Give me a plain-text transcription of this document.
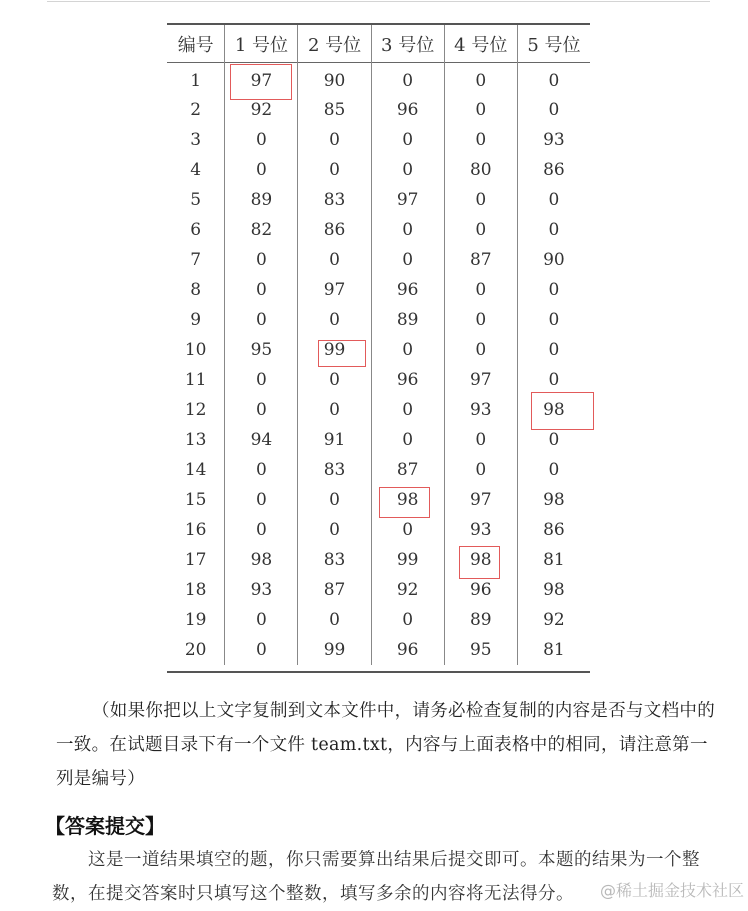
编号	1 号位	2 号位	3 号位	4 号位	5 号位
1	97	90	0	0	0
2	92	85	96	0	0
3	0	0	0	0	93
4	0	0	0	80	86
5	89	83	97	0	0
6	82	86	0	0	0
7	0	0	0	87	90
8	0	97	96	0	0
9	0	0	89	0	0
10	95	99	0	0	0
11	0	0	96	97	0
12	0	0	0	93	98
13	94	91	0	0	0
14	0	83	87	0	0
15	0	0	98	97	98
16	0	0	0	93	86
17	98	83	99	98	81
18	93	87	92	96	98
19	0	0	0	89	92
20	0	99	96	95	81
（如果你把以上文字复制到文本文件中，请务必检查复制的内容是否与文档中的一致。在试题目录下有一个文件 team.txt，内容与上面表格中的相同，请注意第一列是编号）
【答案提交】
这是一道结果填空的题，你只需要算出结果后提交即可。本题的结果为一个整数，在提交答案时只填写这个整数，填写多余的内容将无法得分。	@稀土掘金技术社区
